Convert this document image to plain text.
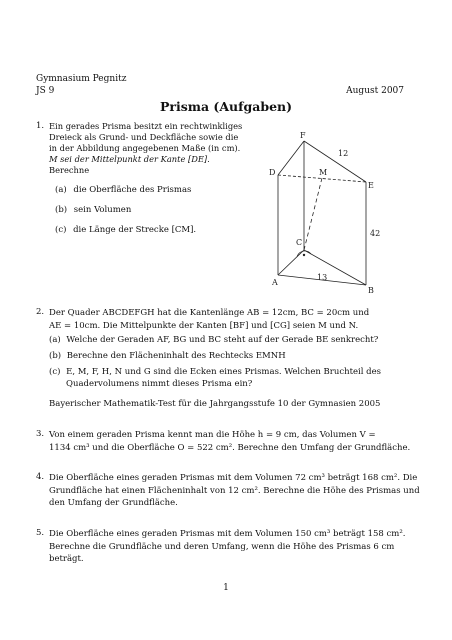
Gymnasium Pegnitz
JS 9	August 2007
Prisma (Aufgaben)
1. Ein gerades Prisma besitzt ein rechtwinkliges
Dreieck als Grund- und Deckfläche sowie die
in der Abbildung angegebenen Maße (in cm).
M sei der Mittelpunkt der Kante [DE].
Berechne
(a) die Oberfläche des Prismas
(b) sein Volumen
(c) die Länge der Strecke [CM].
F
D	M
E
C
A
B
12
13
42
2. Der Quader ABCDEFGH hat die Kantenlänge AB = 12cm, BC = 20cm und
AE = 10cm. Die Mittelpunkte der Kanten [BF] und [CG] seien M und N.
(a) Welche der Geraden AF, BG und BC steht auf der Gerade BE senkrecht?
(b) Berechne den Flächeninhalt des Rechtecks EMNH
(c) E, M, F, H, N und G sind die Ecken eines Prismas. Welchen Bruchteil des
Quadervolumens nimmt dieses Prisma ein?
Bayerischer Mathematik-Test für die Jahrgangsstufe 10 der Gymnasien 2005
3. Von einem geraden Prisma kennt man die Höhe h = 9 cm, das Volumen V =
1134 cm³ und die Oberfläche O = 522 cm². Berechne den Umfang der Grundfläche.
4. Die Oberfläche eines geraden Prismas mit dem Volumen 72 cm³ beträgt 168 cm². Die
Grundfläche hat einen Flächeninhalt von 12 cm². Berechne die Höhe des Prismas und
den Umfang der Grundfläche.
5. Die Oberfläche eines geraden Prismas mit dem Volumen 150 cm³ beträgt 158 cm².
Berechne die Grundfläche und deren Umfang, wenn die Höhe des Prismas 6 cm
beträgt.
1
